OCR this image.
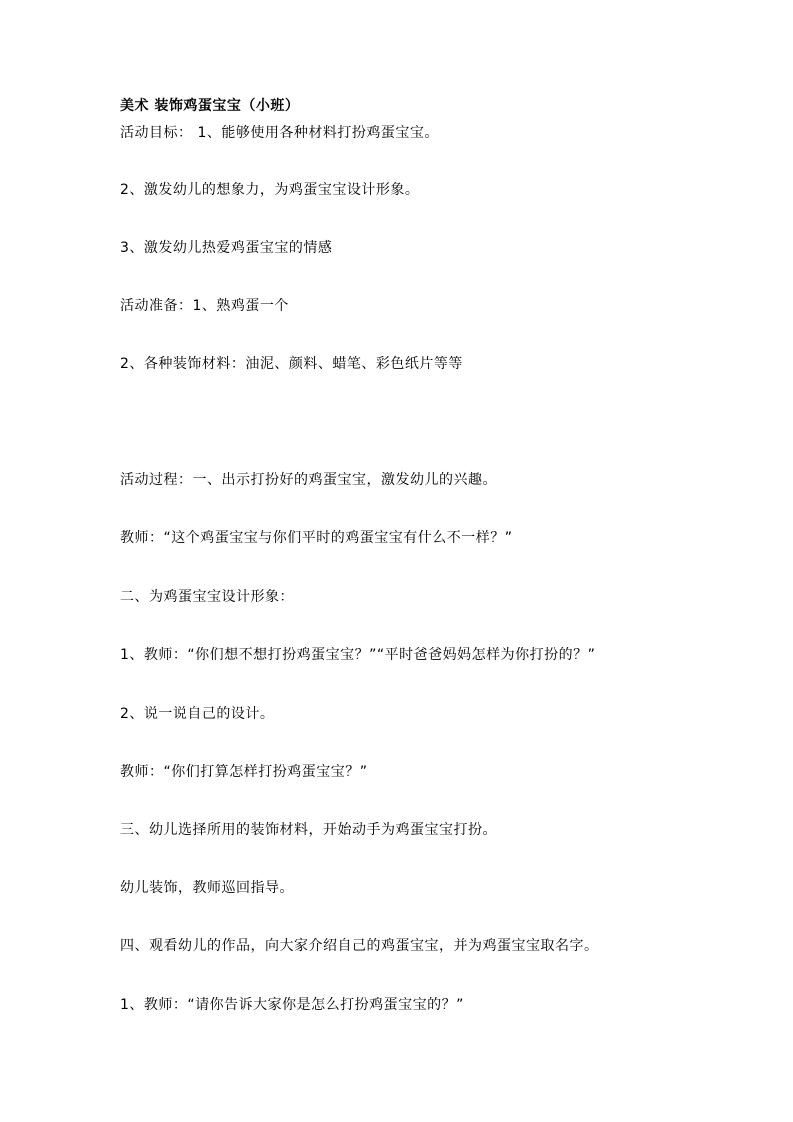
美术 装饰鸡蛋宝宝（小班）
活动目标： 1、能够使用各种材料打扮鸡蛋宝宝。
2、激发幼儿的想象力，为鸡蛋宝宝设计形象。
3、激发幼儿热爱鸡蛋宝宝的情感
活动准备：1、熟鸡蛋一个
2、各种装饰材料：油泥、颜料、蜡笔、彩色纸片等等
活动过程：一、出示打扮好的鸡蛋宝宝，激发幼儿的兴趣。
教师：“这个鸡蛋宝宝与你们平时的鸡蛋宝宝有什么不一样？”
二、为鸡蛋宝宝设计形象：
1、教师：“你们想不想打扮鸡蛋宝宝？”“平时爸爸妈妈怎样为你打扮的？”
2、说一说自己的设计。
教师：“你们打算怎样打扮鸡蛋宝宝？”
三、幼儿选择所用的装饰材料，开始动手为鸡蛋宝宝打扮。
幼儿装饰，教师巡回指导。
四、观看幼儿的作品，向大家介绍自己的鸡蛋宝宝，并为鸡蛋宝宝取名字。
1、教师：“请你告诉大家你是怎么打扮鸡蛋宝宝的？”
